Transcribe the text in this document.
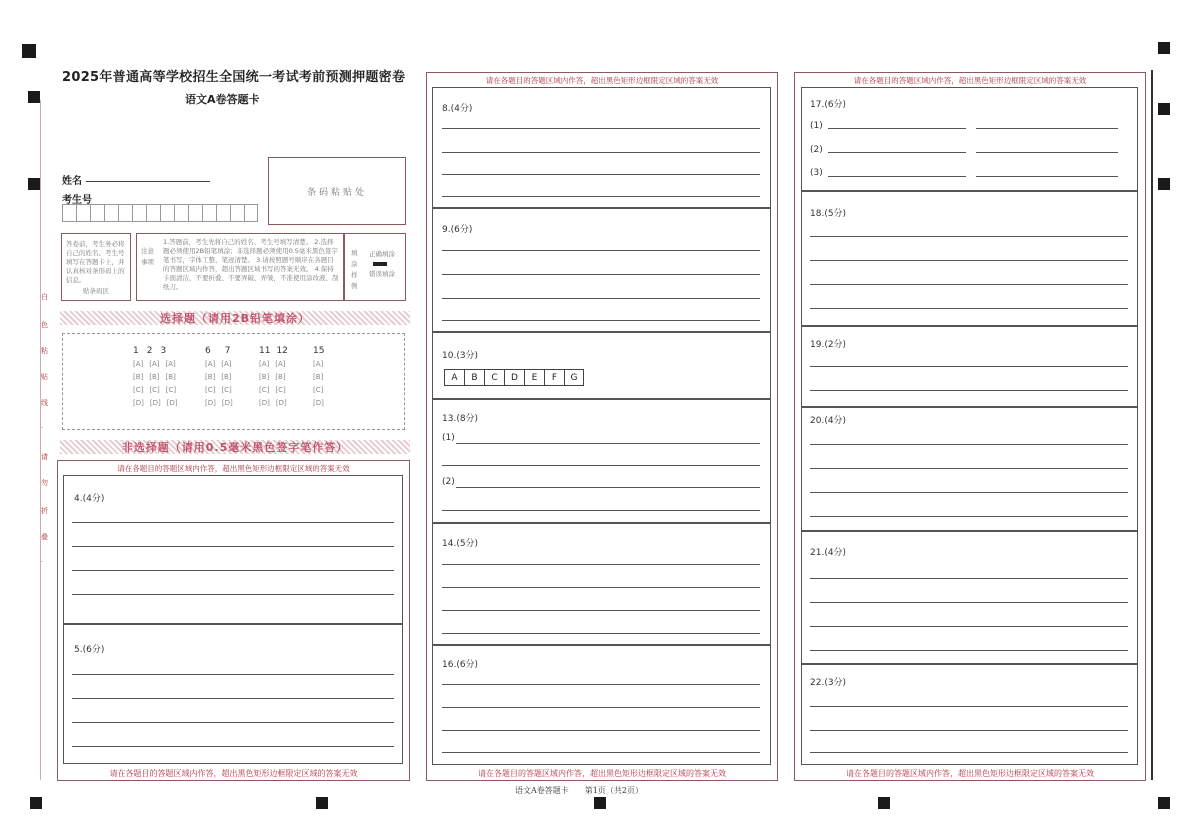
白
色
粘
贴
线
·
请
勿
折
叠
·
2025年普通高等学校招生全国统一考试考前预测押题密卷
语文A卷答题卡
姓名
考生号
条码粘贴处
答卷前，考生务必将自己的姓名、考生号填写在答题卡上，并认真核对条形码上的信息。

贴条码区
注意事项
1.答题前，考生先将自己的姓名、考生号填写清楚。 2.选择题必须使用2B铅笔填涂；非选择题必须使用0.5毫米黑色签字笔书写，字体工整、笔迹清楚。 3.请按照题号顺序在各题目的答题区域内作答，超出答题区域书写的答案无效。 4.保持卡面清洁，不要折叠、不要弄破、弄皱，不准使用涂改液、刮纸刀。
填涂样例
正确填涂
错误填涂
选择题（请用2B铅笔填涂）
1 2 3
[A] [A] [A]
[B] [B] [B]
[C] [C] [C]
[D] [D] [D]
6 7
[A] [A]
[B] [B]
[C] [C]
[D] [D]
11 12
[A] [A]
[B] [B]
[C] [C]
[D] [D]
15
[A]
[B]
[C]
[D]
非选择题（请用0.5毫米黑色签字笔作答）
请在各题目的答题区域内作答，超出黑色矩形边框限定区域的答案无效
请在各题目的答题区域内作答，超出黑色矩形边框限定区域的答案无效
4.(4分)
5.(6分)
请在各题目的答题区域内作答，超出黑色矩形边框限定区域的答案无效
请在各题目的答题区域内作答，超出黑色矩形边框限定区域的答案无效
8.(4分)
9.(6分)
10.(3分)
A	B	C	D	E	F	G
13.(8分)
(1)
(2)
14.(5分)
16.(6分)
请在各题目的答题区域内作答，超出黑色矩形边框限定区域的答案无效
请在各题目的答题区域内作答，超出黑色矩形边框限定区域的答案无效
17.(6分)
(1)
(2)
(3)
18.(5分)
19.(2分)
20.(4分)
21.(4分)
22.(3分)
语文A卷答题卡　　第1页（共2页）
